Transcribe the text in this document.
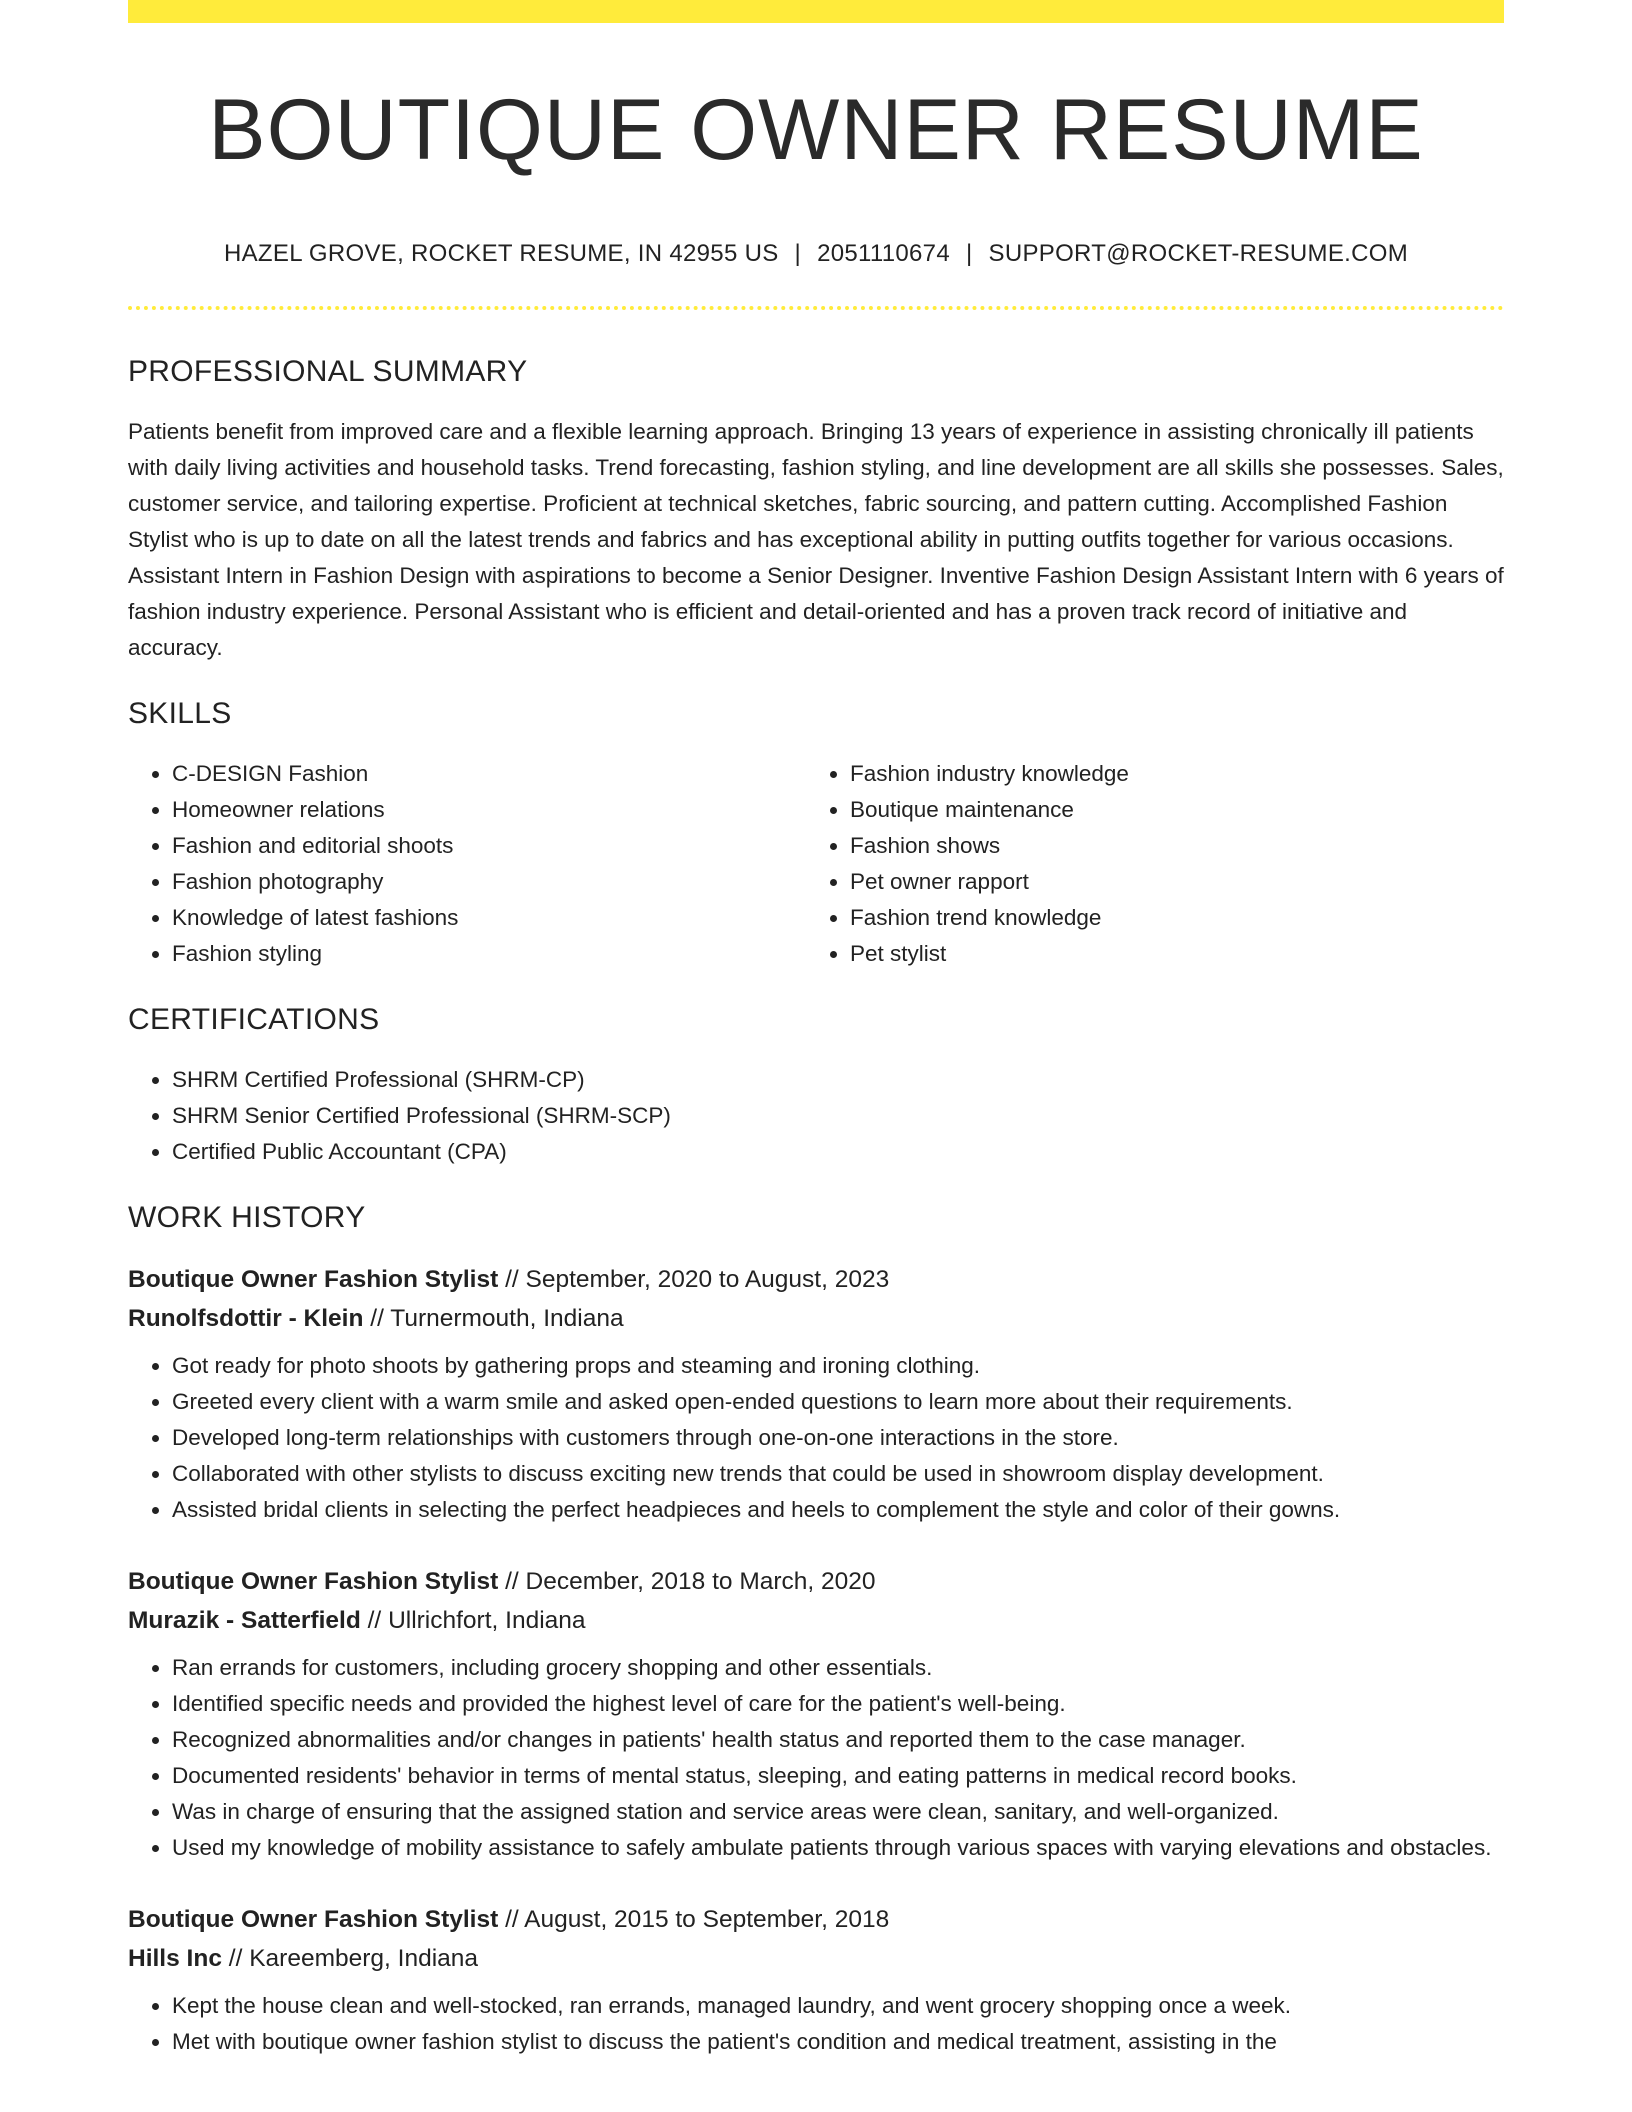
BOUTIQUE OWNER RESUME
HAZEL GROVE, ROCKET RESUME, IN 42955 US | 2051110674 | SUPPORT@ROCKET-RESUME.COM
PROFESSIONAL SUMMARY

Patients benefit from improved care and a flexible learning approach. Bringing 13 years of experience in assisting chronically ill patients with daily living activities and household tasks. Trend forecasting, fashion styling, and line development are all skills she possesses. Sales, customer service, and tailoring expertise. Proficient at technical sketches, fabric sourcing, and pattern cutting. Accomplished Fashion Stylist who is up to date on all the latest trends and fabrics and has exceptional ability in putting outfits together for various occasions. Assistant Intern in Fashion Design with aspirations to become a Senior Designer. Inventive Fashion Design Assistant Intern with 6 years of fashion industry experience. Personal Assistant who is efficient and detail-oriented and has a proven track record of initiative and accuracy.

SKILLS
• C-DESIGN Fashion
• Homeowner relations
• Fashion and editorial shoots
• Fashion photography
• Knowledge of latest fashions
• Fashion styling
• Fashion industry knowledge
• Boutique maintenance
• Fashion shows
• Pet owner rapport
• Fashion trend knowledge
• Pet stylist
CERTIFICATIONS
• SHRM Certified Professional (SHRM-CP)
• SHRM Senior Certified Professional (SHRM-SCP)
• Certified Public Accountant (CPA)
WORK HISTORY
Boutique Owner Fashion Stylist // September, 2020 to August, 2023
Runolfsdottir - Klein // Turnermouth, Indiana
• Got ready for photo shoots by gathering props and steaming and ironing clothing.
• Greeted every client with a warm smile and asked open-ended questions to learn more about their requirements.
• Developed long-term relationships with customers through one-on-one interactions in the store.
• Collaborated with other stylists to discuss exciting new trends that could be used in showroom display development.
• Assisted bridal clients in selecting the perfect headpieces and heels to complement the style and color of their gowns.
Boutique Owner Fashion Stylist // December, 2018 to March, 2020
Murazik - Satterfield // Ullrichfort, Indiana
• Ran errands for customers, including grocery shopping and other essentials.
• Identified specific needs and provided the highest level of care for the patient's well-being.
• Recognized abnormalities and/or changes in patients' health status and reported them to the case manager.
• Documented residents' behavior in terms of mental status, sleeping, and eating patterns in medical record books.
• Was in charge of ensuring that the assigned station and service areas were clean, sanitary, and well-organized.
• Used my knowledge of mobility assistance to safely ambulate patients through various spaces with varying elevations and obstacles.
Boutique Owner Fashion Stylist // August, 2015 to September, 2018
Hills Inc // Kareemberg, Indiana
• Kept the house clean and well-stocked, ran errands, managed laundry, and went grocery shopping once a week.
• Met with boutique owner fashion stylist to discuss the patient's condition and medical treatment, assisting in the
